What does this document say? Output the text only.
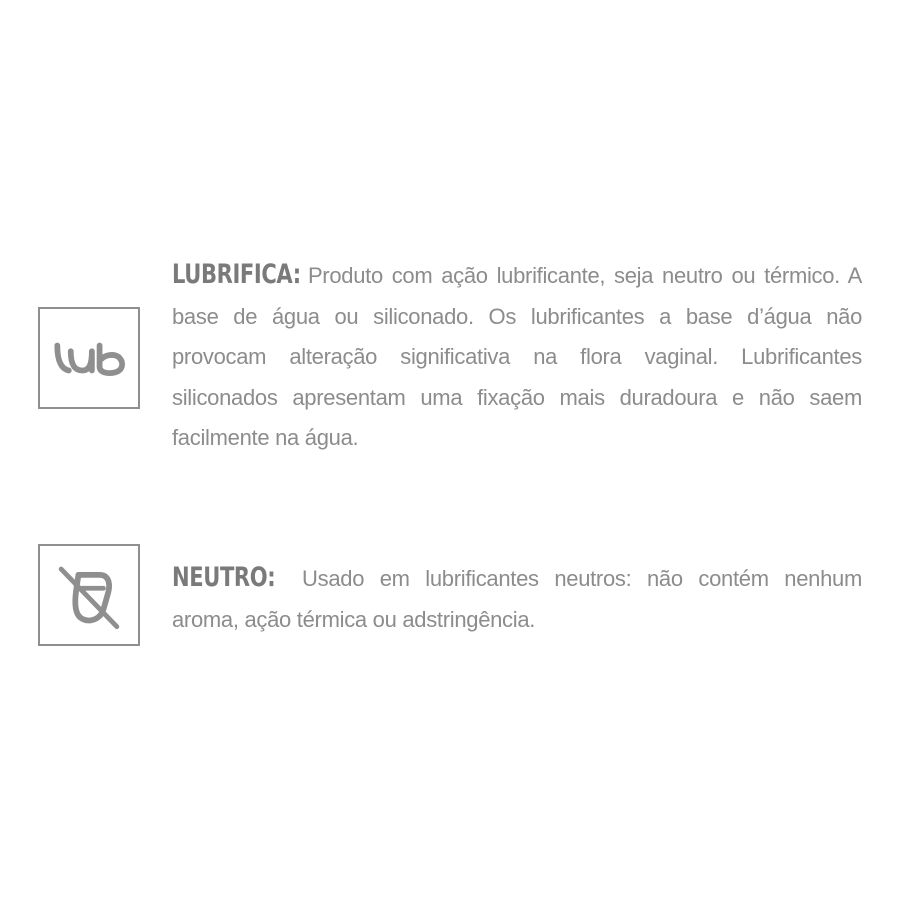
LUBRIFICA: Produto com ação lubrificante, seja neutro ou térmico. A base de água ou siliconado. Os lubrificantes a base d’água não provocam alteração significativa na flora vaginal. Lubrificantes siliconados apresentam uma fixação mais duradoura e não saem facilmente na água.
NEUTRO: Usado em lubrificantes neutros: não contém nenhum aroma, ação térmica ou adstringência.
